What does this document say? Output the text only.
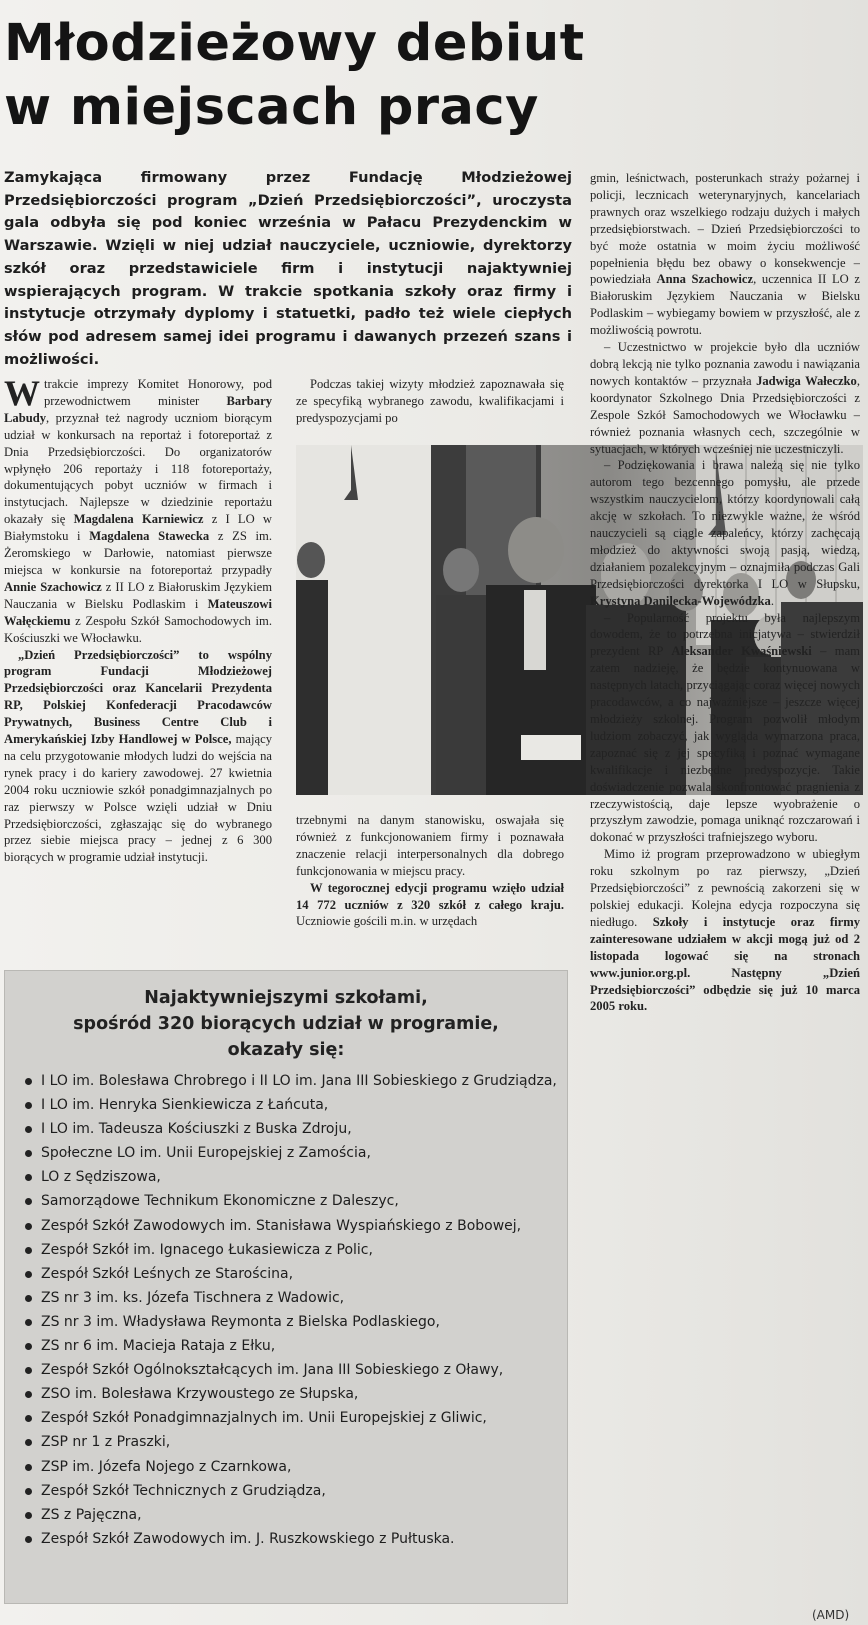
Młodzieżowy debiut
w miejscach pracy

Zamykająca firmowany przez Fundację Młodzieżowej Przedsiębiorczości program „Dzień Przedsiębiorczości”, uroczysta gala odbyła się pod koniec września w Pałacu Prezydenckim w Warszawie. Wzięli w niej udział nauczyciele, uczniowie, dyrektorzy szkół oraz przedstawiciele firm i instytucji najaktywniej wspierających program. W trakcie spotkania szkoły oraz firmy i instytucje otrzymały dyplomy i statuetki, padło też wiele ciepłych słów pod adresem samej idei programu i dawanych przezeń szans i możliwości.

Wtrakcie imprezy Komitet Honorowy, pod przewodnictwem minister Barbary Labudy, przyznał też nagrody uczniom biorącym udział w konkursach na reportaż i fotoreportaż z Dnia Przedsiębiorczości. Do organizatorów wpłynęło 206 reportaży i 118 fotoreportaży, dokumentujących pobyt uczniów w firmach i instytucjach. Najlepsze w dziedzinie reportażu okazały się Magdalena Karniewicz z I LO w Białymstoku i Magdalena Stawecka z ZS im. Żeromskiego w Darłowie, natomiast pierwsze miejsca w konkursie na fotoreportaż przypadły Annie Szachowicz z II LO z Białoruskim Językiem Nauczania w Bielsku Podlaskim i Mateuszowi Wałęckiemu z Zespołu Szkół Samochodowych im. Kościuszki we Włocławku.

„Dzień Przedsiębiorczości” to wspólny program Fundacji Młodzieżowej Przedsiębiorczości oraz Kancelarii Prezydenta RP, Polskiej Konfederacji Pracodawców Prywatnych, Business Centre Club i Amerykańskiej Izby Handlowej w Polsce, mający na celu przygotowanie młodych ludzi do wejścia na rynek pracy i do kariery zawodowej. 27 kwietnia 2004 roku uczniowie szkół ponadgimnazjalnych po raz pierwszy w Polsce wzięli udział w Dniu Przedsiębiorczości, zgłaszając się do wybranego przez siebie miejsca pracy – jednej z 6 300 biorących w programie udział instytucji.

Podczas takiej wizyty młodzież zapoznawała się ze specyfiką wybranego zawodu, kwalifikacjami i predyspozycjami po

trzebnymi na danym stanowisku, oswajała się również z funkcjonowaniem firmy i poznawała znaczenie relacji interpersonalnych dla dobrego funkcjonowania w miejscu pracy.

W tegorocznej edycji programu wzięło udział 14 772 uczniów z 320 szkół z całego kraju. Uczniowie gościli m.in. w urzędach

gmin, leśnictwach, posterunkach straży pożarnej i policji, lecznicach weterynaryjnych, kancelariach prawnych oraz wszelkiego rodzaju dużych i małych przedsiębiorstwach. – Dzień Przedsiębiorczości to być może ostatnia w moim życiu możliwość popełnienia błędu bez obawy o konsekwencje – powiedziała Anna Szachowicz, uczennica II LO z Białoruskim Językiem Nauczania w Bielsku Podlaskim – wybiegamy bowiem w przyszłość, ale z możliwością powrotu.

– Uczestnictwo w projekcie było dla uczniów dobrą lekcją nie tylko poznania zawodu i nawiązania nowych kontaktów – przyznała Jadwiga Wałeczko, koordynator Szkolnego Dnia Przedsiębiorczości z Zespole Szkół Samochodowych we Włocławku – również poznania własnych cech, szczególnie w sytuacjach, w których wcześniej nie uczestniczyli.

– Podziękowania i brawa należą się nie tylko autorom tego bezcennego pomysłu, ale przede wszystkim nauczycielom, którzy koordynowali całą akcję w szkołach. To niezwykle ważne, że wśród nauczycieli są ciągle zapaleńcy, którzy zachęcają młodzież do aktywności swoją pasją, wiedzą, działaniem pozalekcyjnym – oznajmiła podczas Gali Przedsiębiorczości dyrektorka I LO w Słupsku, Krystyna Danilecka-Wojewódzka.

– Popularność projektu była najlepszym dowodem, że to potrzebna inicjatywa – stwierdził prezydent RP Aleksander Kwaśniewski – mam zatem nadzieję, że będzie kontynuowana w następnych latach, przyciągając coraz więcej nowych pracodawców, a co najważniejsze – jeszcze więcej młodzieży szkolnej. Program pozwolił młodym ludziom zobaczyć, jak wygląda wymarzona praca, zapoznać się z jej specyfiką i poznać wymagane kwalifikacje i niezbędne predyspozycje. Takie doświadczenie pozwala skonfrontować pragnienia z rzeczywistością, daje lepsze wyobrażenie o przyszłym zawodzie, pomaga uniknąć rozczarowań i dokonać w przyszłości trafniejszego wyboru.

Mimo iż program przeprowadzono w ubiegłym roku szkolnym po raz pierwszy, „Dzień Przedsiębiorczości” z pewnością zakorzeni się w polskiej edukacji. Kolejna edycja rozpoczyna się niedługo. Szkoły i instytucje oraz firmy zainteresowane udziałem w akcji mogą już od 2 listopada logować się na stronach www.junior.org.pl. Następny „Dzień Przedsiębiorczości” odbędzie się już 10 marca 2005 roku.

Najaktywniejszymi szkołami,
spośród 320 biorących udział w programie,
okazały się:
I LO im. Bolesława Chrobrego i II LO im. Jana III Sobieskiego z Grudziądza,
I LO im. Henryka Sienkiewicza z Łańcuta,
I LO im. Tadeusza Kościuszki z Buska Zdroju,
Społeczne LO im. Unii Europejskiej z Zamościa,
LO z Sędziszowa,
Samorządowe Technikum Ekonomiczne z Daleszyc,
Zespół Szkół Zawodowych im. Stanisława Wyspiańskiego z Bobowej,
Zespół Szkół im. Ignacego Łukasiewicza z Polic,
Zespół Szkół Leśnych ze Starościna,
ZS nr 3 im. ks. Józefa Tischnera z Wadowic,
ZS nr 3 im. Władysława Reymonta z Bielska Podlaskiego,
ZS nr 6 im. Macieja Rataja z Ełku,
Zespół Szkół Ogólnokształcących im. Jana III Sobieskiego z Oławy,
ZSO im. Bolesława Krzywoustego ze Słupska,
Zespół Szkół Ponadgimnazjalnych im. Unii Europejskiej z Gliwic,
ZSP nr 1 z Praszki,
ZSP im. Józefa Nojego z Czarnkowa,
Zespół Szkół Technicznych z Grudziądza,
ZS z Pajęczna,
Zespół Szkół Zawodowych im. J. Ruszkowskiego z Pułtuska.
(AMD)
